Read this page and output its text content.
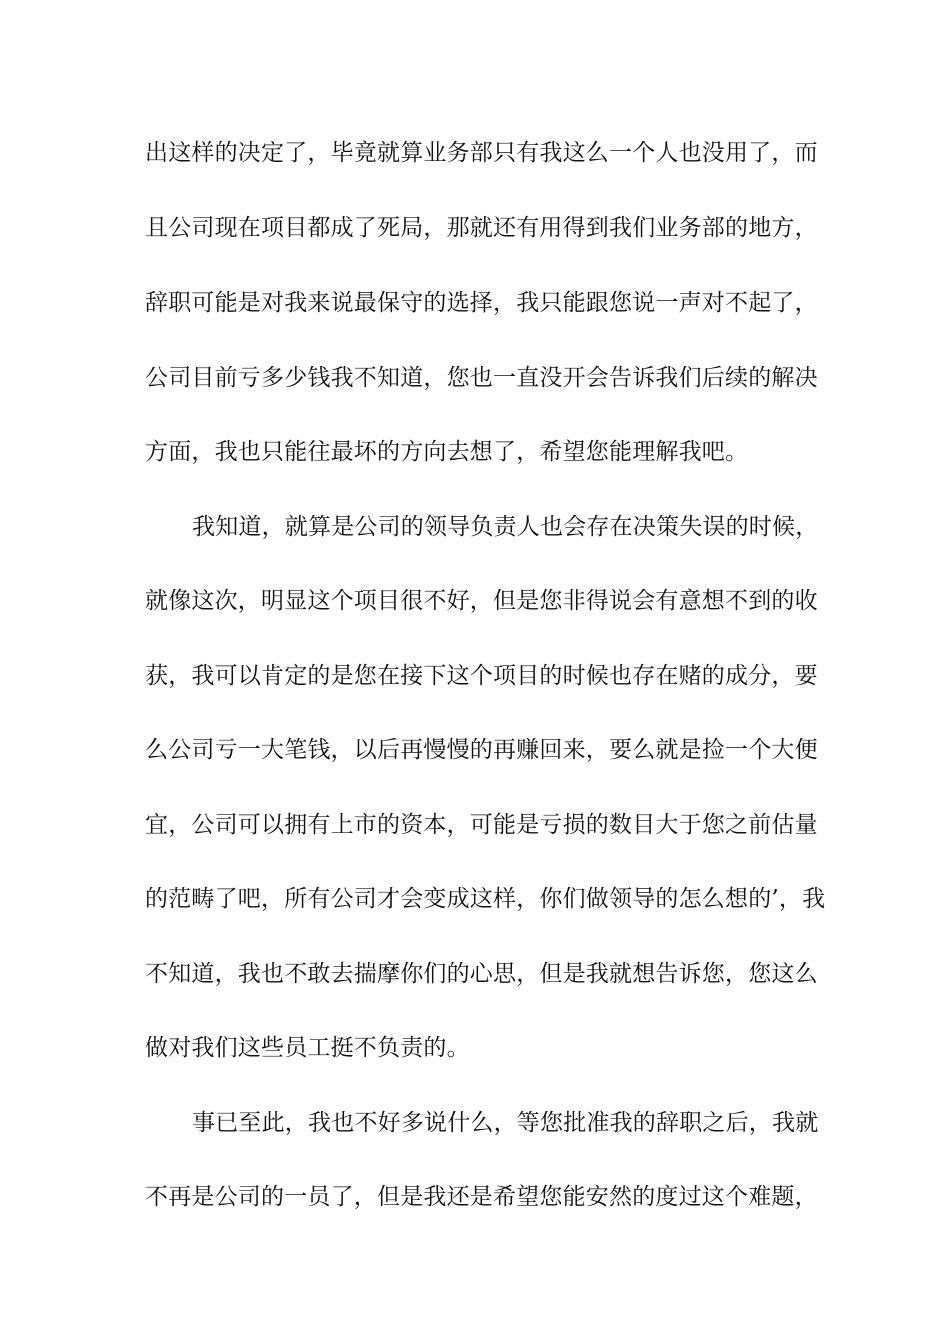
出这样的决定了，毕竟就算业务部只有我这么一个人也没用了，而
且公司现在项目都成了死局，那就还有用得到我们业务部的地方，
辞职可能是对我来说最保守的选择，我只能跟您说一声对不起了，
公司目前亏多少钱我不知道，您也一直没开会告诉我们后续的解决
方面，我也只能往最坏的方向去想了，希望您能理解我吧。
我知道，就算是公司的领导负责人也会存在决策失误的时候，
就像这次，明显这个项目很不好，但是您非得说会有意想不到的收
获，我可以肯定的是您在接下这个项目的时候也存在赌的成分，要
么公司亏一大笔钱，以后再慢慢的再赚回来，要么就是捡一个大便
宜，公司可以拥有上市的资本，可能是亏损的数目大于您之前估量
的范畴了吧，所有公司才会变成这样，你们做领导的怎么想的’，我
不知道，我也不敢去揣摩你们的心思，但是我就想告诉您，您这么
做对我们这些员工挺不负责的。
事已至此，我也不好多说什么，等您批准我的辞职之后，我就
不再是公司的一员了，但是我还是希望您能安然的度过这个难题，
